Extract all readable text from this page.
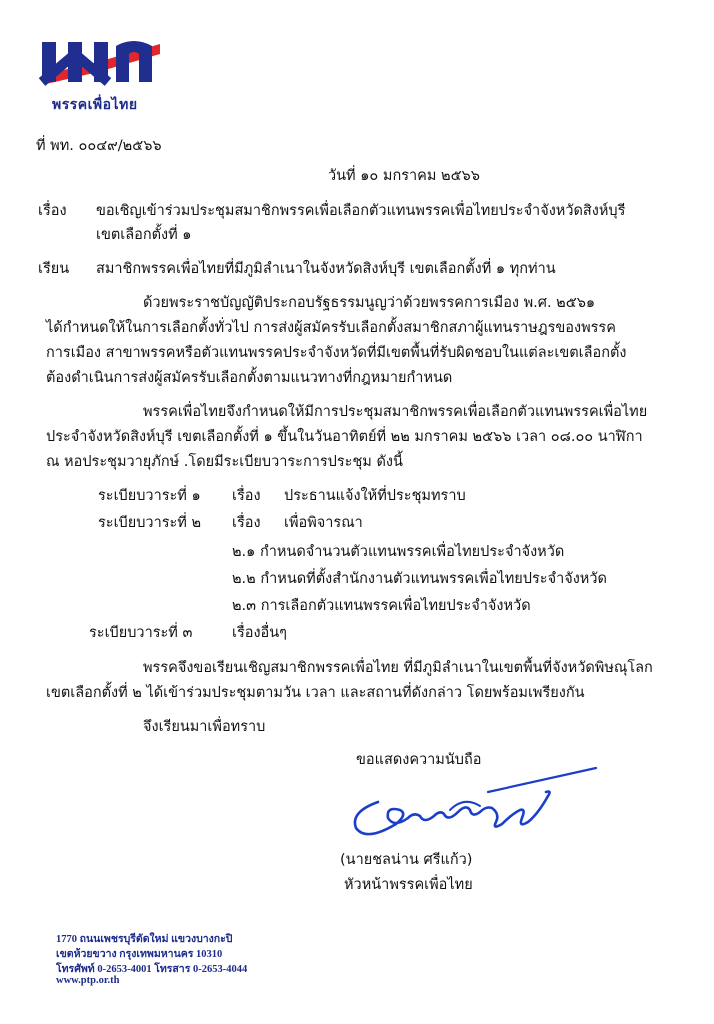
พรรคเพื่อไทย
ที่ พท. ๐๐๔๙/๒๕๖๖
วันที่ ๑๐ มกราคม ๒๕๖๖
เรื่อง ขอเชิญเข้าร่วมประชุมสมาชิกพรรคเพื่อเลือกตัวแทนพรรคเพื่อไทยประจำจังหวัดสิงห์บุรี
เขตเลือกตั้งที่ ๑
เรียน สมาชิกพรรคเพื่อไทยที่มีภูมิลำเนาในจังหวัดสิงห์บุรี เขตเลือกตั้งที่ ๑ ทุกท่าน
ด้วยพระราชบัญญัติประกอบรัฐธรรมนูญว่าด้วยพรรคการเมือง พ.ศ. ๒๕๖๑
ได้กำหนดให้ในการเลือกตั้งทั่วไป การส่งผู้สมัครรับเลือกตั้งสมาชิกสภาผู้แทนราษฎรของพรรค
การเมือง สาขาพรรคหรือตัวแทนพรรคประจำจังหวัดที่มีเขตพื้นที่รับผิดชอบในแต่ละเขตเลือกตั้ง
ต้องดำเนินการส่งผู้สมัครรับเลือกตั้งตามแนวทางที่กฎหมายกำหนด
พรรคเพื่อไทยจึงกำหนดให้มีการประชุมสมาชิกพรรคเพื่อเลือกตัวแทนพรรคเพื่อไทย
ประจำจังหวัดสิงห์บุรี เขตเลือกตั้งที่ ๑ ขึ้นในวันอาทิตย์ที่ ๒๒ มกราคม ๒๕๖๖ เวลา ๐๘.๐๐ นาฬิกา
ณ หอประชุมวายุภักษ์ .โดยมีระเบียบวาระการประชุม ดังนี้
ระเบียบวาระที่ ๑ เรื่อง ประธานแจ้งให้ที่ประชุมทราบ
ระเบียบวาระที่ ๒ เรื่อง เพื่อพิจารณา
๒.๑ กำหนดจำนวนตัวแทนพรรคเพื่อไทยประจำจังหวัด
๒.๒ กำหนดที่ตั้งสำนักงานตัวแทนพรรคเพื่อไทยประจำจังหวัด
๒.๓ การเลือกตัวแทนพรรคเพื่อไทยประจำจังหวัด
ระเบียบวาระที่ ๓	เรื่องอื่นๆ
พรรคจึงขอเรียนเชิญสมาชิกพรรคเพื่อไทย ที่มีภูมิลำเนาในเขตพื้นที่จังหวัดพิษณุโลก
เขตเลือกตั้งที่ ๒ ได้เข้าร่วมประชุมตามวัน เวลา และสถานที่ดังกล่าว โดยพร้อมเพรียงกัน
จึงเรียนมาเพื่อทราบ
ขอแสดงความนับถือ
(นายชลน่าน ศรีแก้ว)
หัวหน้าพรรคเพื่อไทย
1770 ถนนเพชรบุรีตัดใหม่ แขวงบางกะปิ
เขตห้วยขวาง กรุงเทพมหานคร 10310
โทรศัพท์ 0-2653-4001 โทรสาร 0-2653-4044
www.ptp.or.th
